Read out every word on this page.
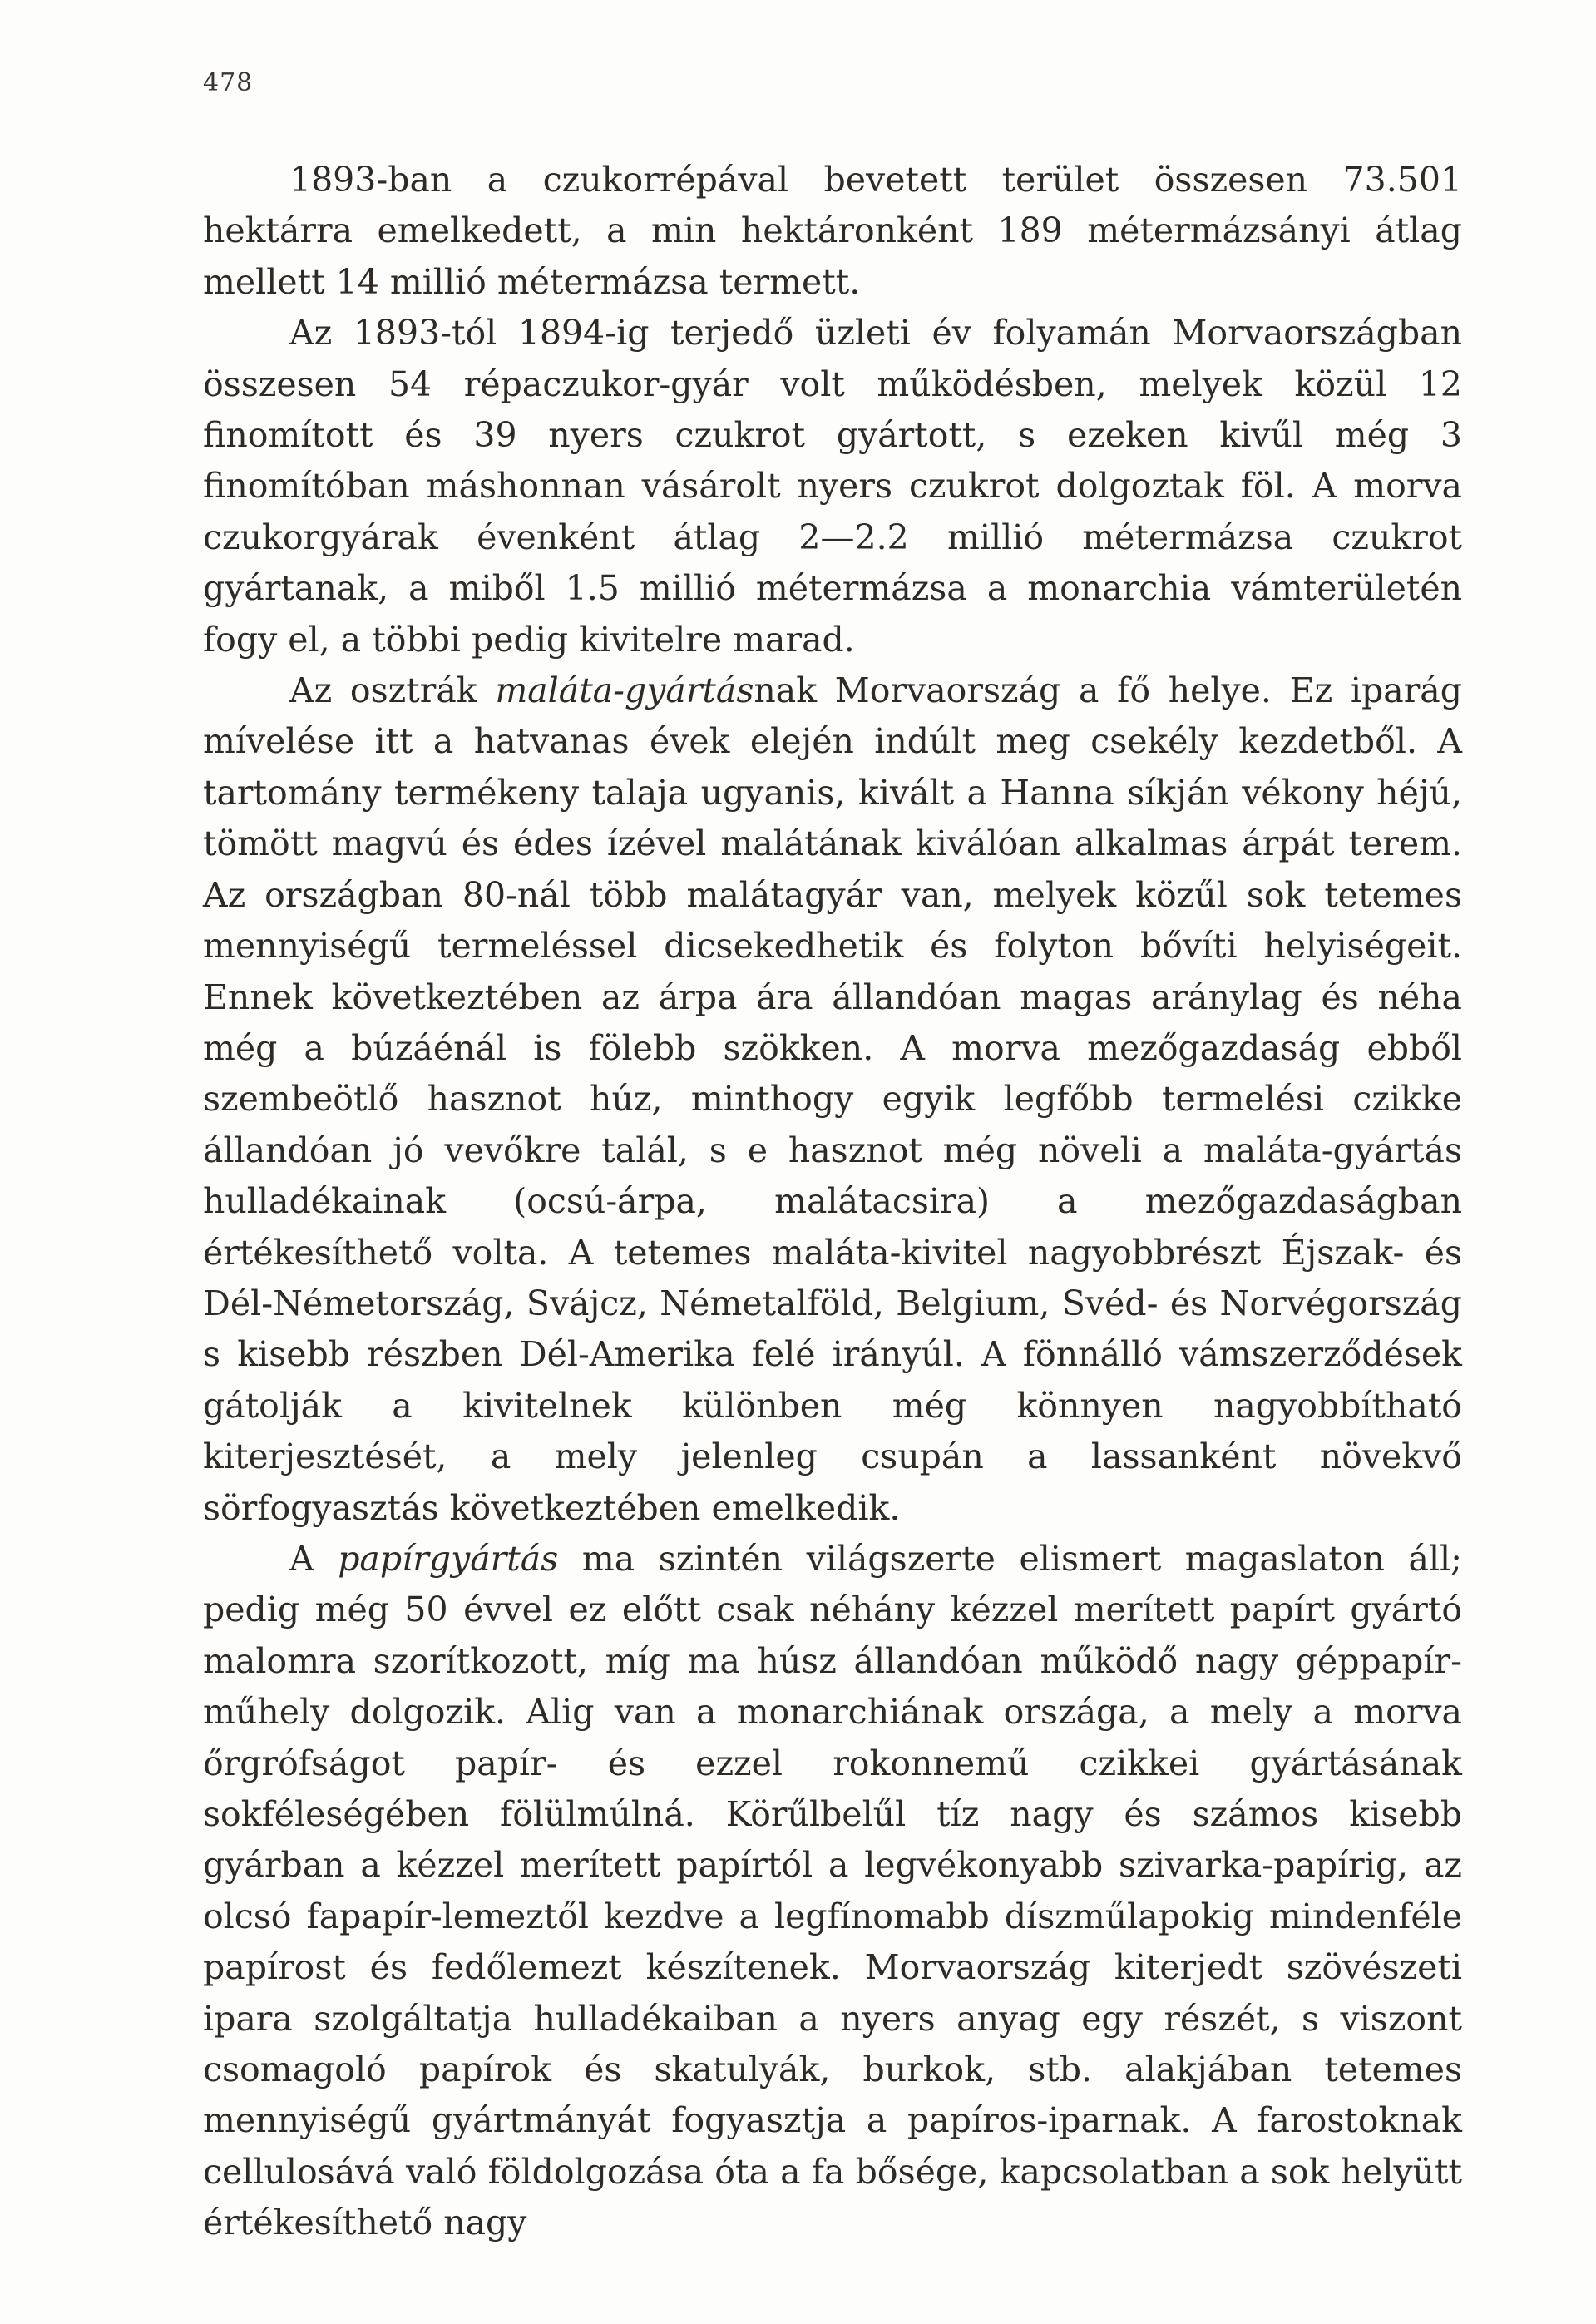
478

1893-ban a czukorrépával bevetett terület összesen 73.501 hektárra emelkedett, a min hektáronként 189 métermázsányi átlag mellett 14 millió métermázsa termett.

Az 1893-tól 1894-ig terjedő üzleti év folyamán Morvaországban összesen 54 répaczukor-gyár volt működésben, melyek közül 12 finomított és 39 nyers czukrot gyártott, s ezeken kivűl még 3 finomítóban máshonnan vásárolt nyers czukrot dolgoztak föl. A morva czukorgyárak évenként átlag 2—2.2 millió métermázsa czukrot gyártanak, a miből 1.5 millió métermázsa a monarchia vámterületén fogy el, a többi pedig kivitelre marad.

Az osztrák maláta-gyártásnak Morvaország a fő helye. Ez iparág mívelése itt a hatvanas évek elején indúlt meg csekély kezdetből. A tartomány termékeny talaja ugyanis, kivált a Hanna síkján vékony héjú, tömött magvú és édes ízével malátának kiválóan alkalmas árpát terem. Az országban 80-nál több malátagyár van, melyek közűl sok tetemes mennyiségű termeléssel dicsekedhetik és folyton bővíti helyiségeit. Ennek következtében az árpa ára állandóan magas aránylag és néha még a búzáénál is fölebb szökken. A morva mezőgazdaság ebből szembeötlő hasznot húz, minthogy egyik legfőbb termelési czikke állandóan jó vevőkre talál, s e hasznot még növeli a maláta-gyártás hulladékainak (ocsú-árpa, malátacsira) a mezőgazdaságban értékesíthető volta. A tetemes maláta-kivitel nagyobbrészt Éjszak- és Dél-Németország, Svájcz, Németalföld, Belgium, Svéd- és Norvégország s kisebb részben Dél-Amerika felé irányúl. A fönnálló vámszerződések gátolják a kivitelnek különben még könnyen nagyobbítható kiterjesztését, a mely jelenleg csupán a lassanként növekvő sörfogyasztás következtében emelkedik.

A papírgyártás ma szintén világszerte elismert magaslaton áll; pedig még 50 évvel ez előtt csak néhány kézzel merített papírt gyártó malomra szorítkozott, míg ma húsz állandóan működő nagy géppapír-műhely dolgozik. Alig van a monarchiának országa, a mely a morva őrgrófságot papír- és ezzel rokonnemű czikkei gyártásának sokféleségében fölülmúlná. Körűlbelűl tíz nagy és számos kisebb gyárban a kézzel merített papírtól a legvékonyabb szivarka-papírig, az olcsó fapapír-lemeztől kezdve a legfínomabb díszműlapokig mindenféle papírost és fedőlemezt készítenek. Morvaország kiterjedt szövészeti ipara szolgáltatja hulladékaiban a nyers anyag egy részét, s viszont csomagoló papírok és skatulyák, burkok, stb. alakjában tetemes mennyiségű gyártmányát fogyasztja a papíros-iparnak. A farostoknak cellulosává való földolgozása óta a fa bősége, kapcsolatban a sok helyütt értékesíthető nagy
